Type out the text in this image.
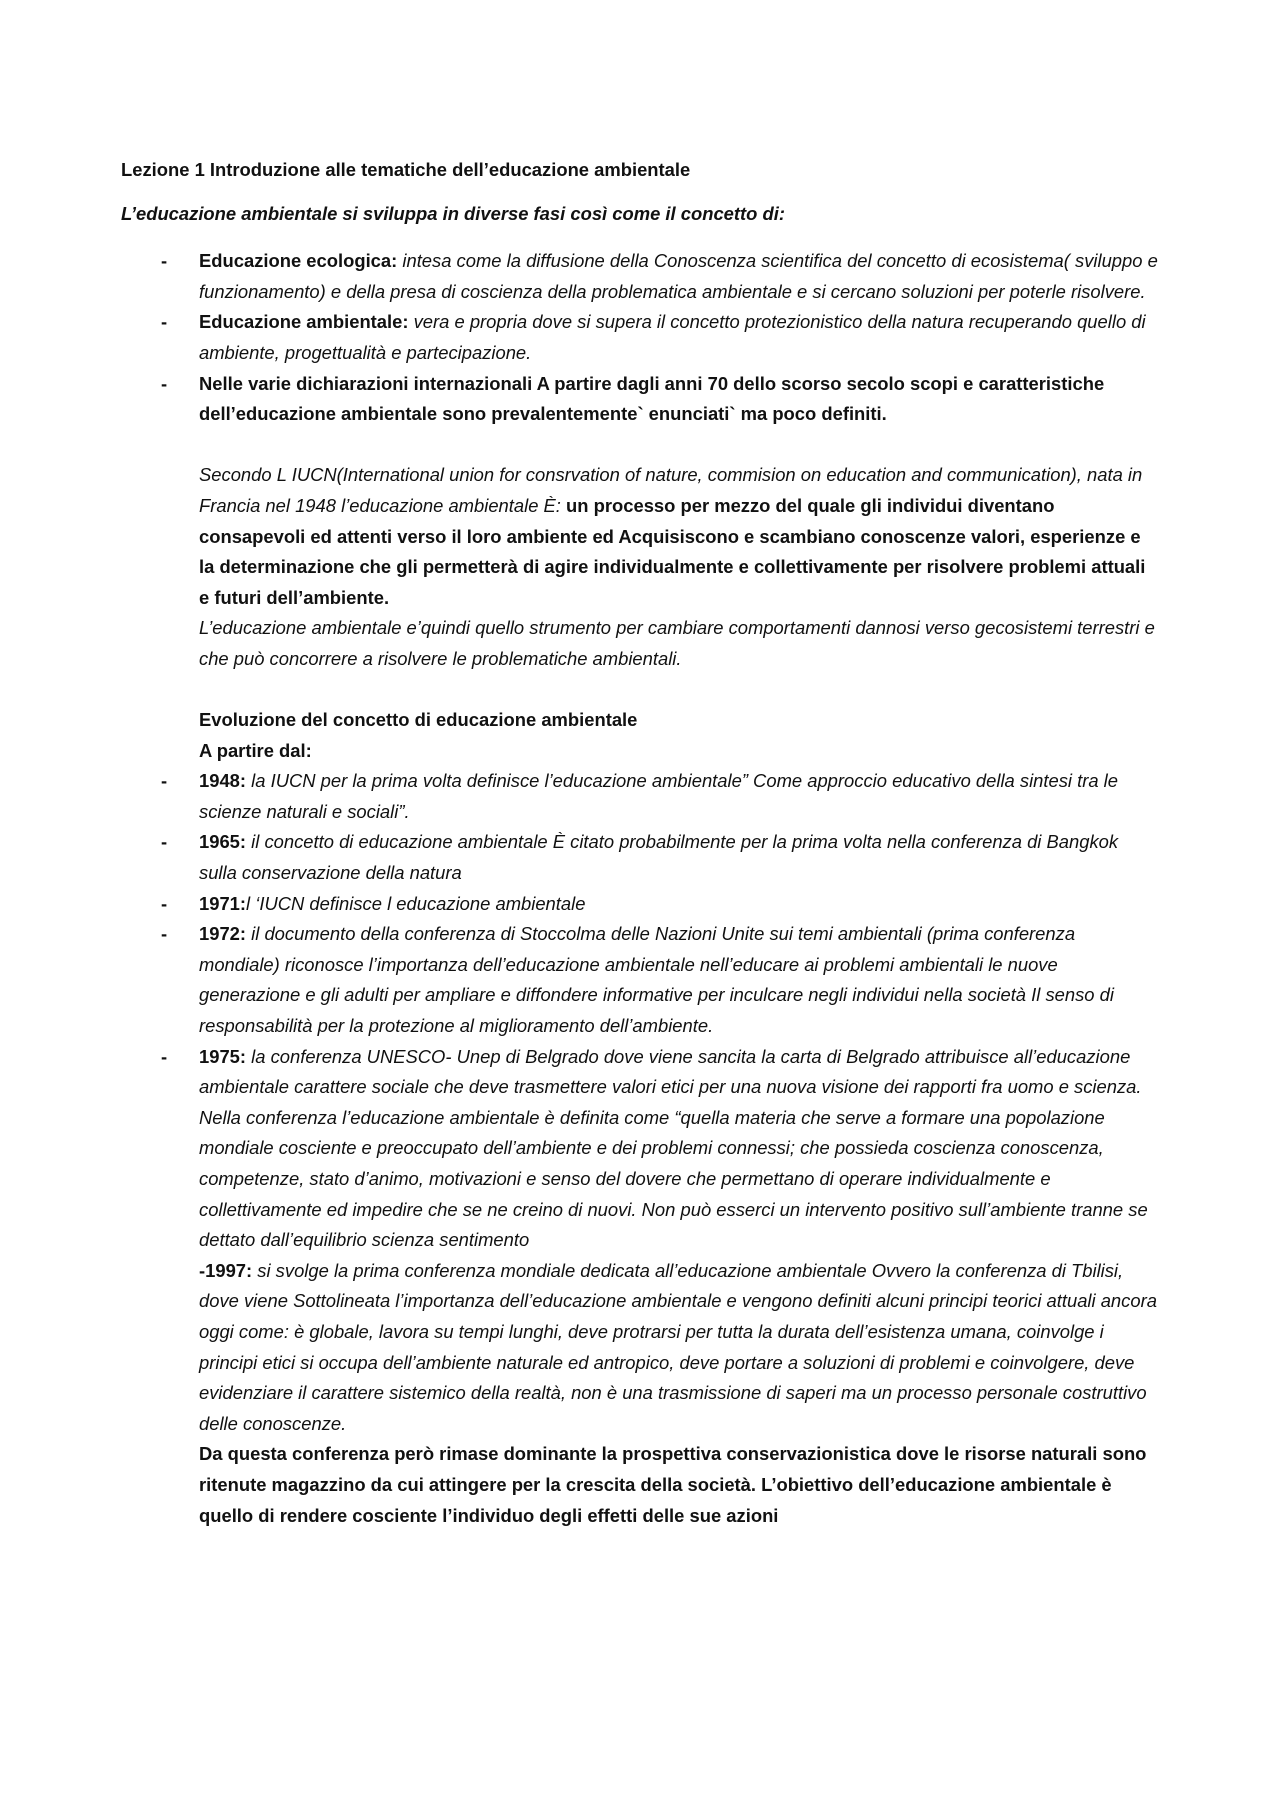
Lezione 1 Introduzione alle tematiche dell’educazione ambientale

L’educazione ambientale si sviluppa in diverse fasi così come il concetto di:

- Educazione ecologica: intesa come la diffusione della Conoscenza scientifica del concetto di ecosistema( sviluppo e funzionamento) e della presa di coscienza della problematica ambientale e si cercano soluzioni per poterle risolvere.

- Educazione ambientale: vera e propria dove si supera il concetto protezionistico della natura recuperando quello di ambiente, progettualità e partecipazione.

- Nelle varie dichiarazioni internazionali A partire dagli anni 70 dello scorso secolo scopi e caratteristiche dell’educazione ambientale sono prevalentemente` enunciati` ma poco definiti.

Secondo L IUCN(International union for consrvation of nature, commision on education and communication), nata in Francia nel 1948 l’educazione ambientale È: un processo per mezzo del quale gli individui diventano consapevoli ed attenti verso il loro ambiente ed Acquisiscono e scambiano conoscenze valori, esperienze e la determinazione che gli permetterà di agire individualmente e collettivamente per risolvere problemi attuali e futuri dell’ambiente.

L’educazione ambientale e’quindi quello strumento per cambiare comportamenti dannosi verso gecosistemi terrestri e che può concorrere a risolvere le problematiche ambientali.

Evoluzione del concetto di educazione ambientale

A partire dal:

- 1948: la IUCN per la prima volta definisce l’educazione ambientale” Come approccio educativo della sintesi tra le scienze naturali e sociali”.

- 1965: il concetto di educazione ambientale È citato probabilmente per la prima volta nella conferenza di Bangkok sulla conservazione della natura

- 1971:l ‘IUCN definisce l educazione ambientale

- 1972: il documento della conferenza di Stoccolma delle Nazioni Unite sui temi ambientali (prima conferenza mondiale) riconosce l’importanza dell’educazione ambientale nell’educare ai problemi ambientali le nuove generazione e gli adulti per ampliare e diffondere informative per inculcare negli individui nella società Il senso di responsabilità per la protezione al miglioramento dell’ambiente.

- 1975: la conferenza UNESCO- Unep di Belgrado dove viene sancita la carta di Belgrado attribuisce all’educazione ambientale carattere sociale che deve trasmettere valori etici per una nuova visione dei rapporti fra uomo e scienza. Nella conferenza l’educazione ambientale è definita come “quella materia che serve a formare una popolazione mondiale cosciente e preoccupato dell’ambiente e dei problemi connessi; che possieda coscienza conoscenza, competenze, stato d’animo, motivazioni e senso del dovere che permettano di operare individualmente e collettivamente ed impedire che se ne creino di nuovi. Non può esserci un intervento positivo sull’ambiente tranne se dettato dall’equilibrio scienza sentimento

-1997: si svolge la prima conferenza mondiale dedicata all’educazione ambientale Ovvero la conferenza di Tbilisi, dove viene Sottolineata l’importanza dell’educazione ambientale e vengono definiti alcuni principi teorici attuali ancora oggi come: è globale, lavora su tempi lunghi, deve protrarsi per tutta la durata dell’esistenza umana, coinvolge i principi etici si occupa dell’ambiente naturale ed antropico, deve portare a soluzioni di problemi e coinvolgere, deve evidenziare il carattere sistemico della realtà, non è una trasmissione di saperi ma un processo personale costruttivo delle conoscenze.

Da questa conferenza però rimase dominante la prospettiva conservazionistica dove le risorse naturali sono ritenute magazzino da cui attingere per la crescita della società. L’obiettivo dell’educazione ambientale è quello di rendere cosciente l’individuo degli effetti delle sue azioni
